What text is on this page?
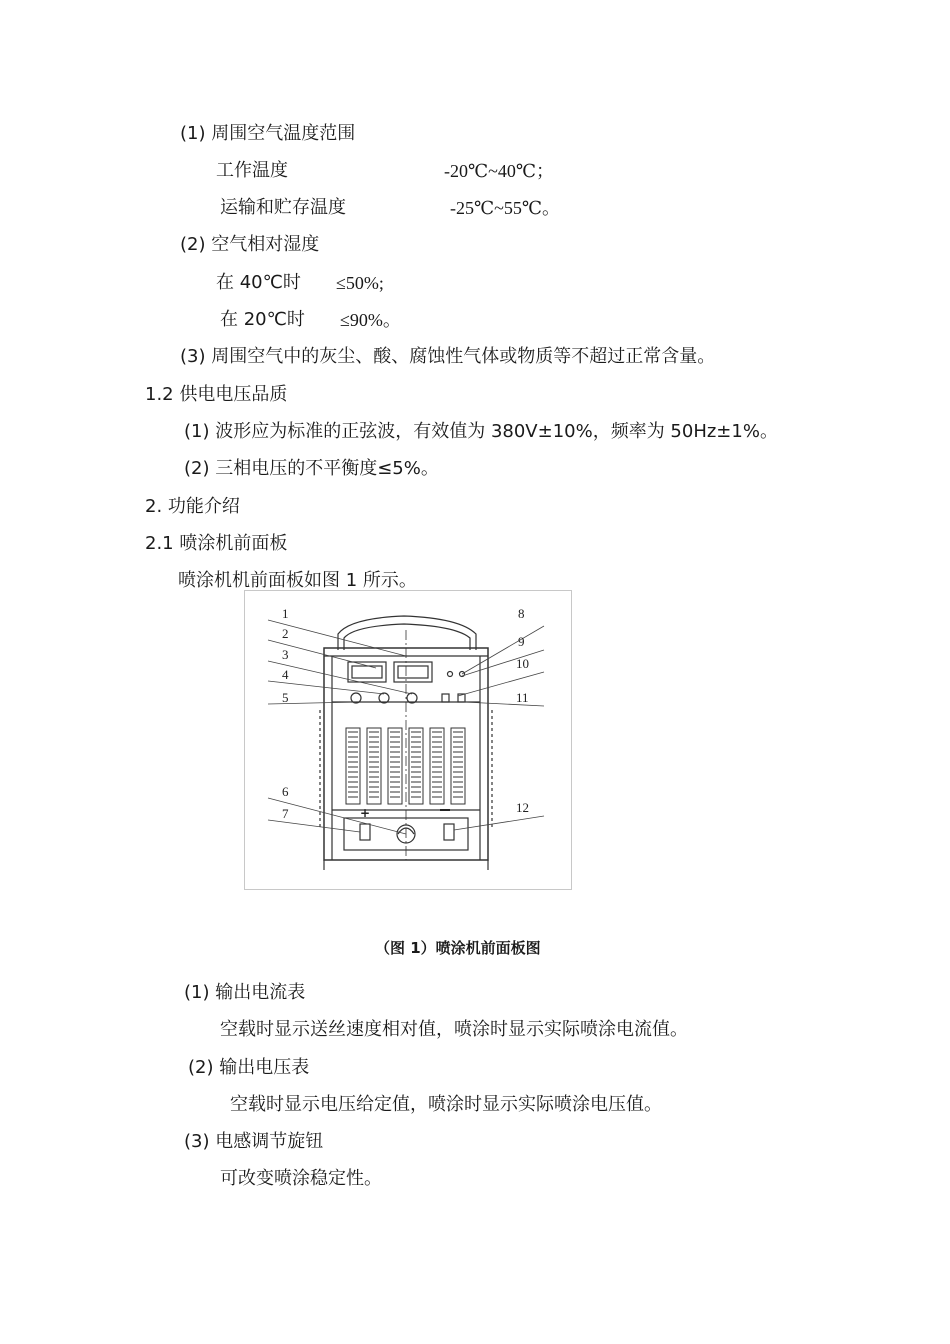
(1) 周围空气温度范围
工作温度	-20℃~40℃；
运输和贮存温度	-25℃~55℃。
(2) 空气相对湿度
在 40℃时 ≤50%;
在 20℃时 ≤90%。
(3) 周围空气中的灰尘、酸、腐蚀性气体或物质等不超过正常含量。
1.2 供电电压品质
(1) 波形应为标准的正弦波，有效值为 380V±10%，频率为 50Hz±1%。
(2) 三相电压的不平衡度≤5%。
2. 功能介绍
2.1 喷涂机前面板
喷涂机机前面板如图 1 所示。
+
1
2
3
4
5
6
7
8
9
10
11
12
（图 1）喷涂机前面板图
(1) 输出电流表
空载时显示送丝速度相对值，喷涂时显示实际喷涂电流值。
(2) 输出电压表
空载时显示电压给定值，喷涂时显示实际喷涂电压值。
(3) 电感调节旋钮
可改变喷涂稳定性。
